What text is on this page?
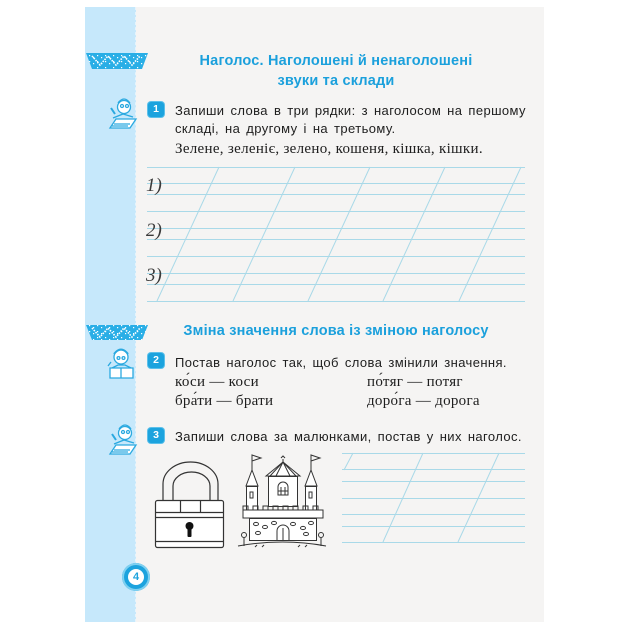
Наголос. Наголошені й ненаголошені
звуки та склади
1	Запиши слова в три рядки: з наголосом на першому
складі, на другому і на третьому.
Зелене, зеленіє, зелено, кошеня, кішка, кішки.
1)
2)
3)
Зміна значення слова із зміною наголосу
2	Постав наголос так, щоб слова змінили значення.
ко́си — коси	по́тяг — потяг
бра́ти — брати	доро́га — дорога
3	Запиши слова за малюнками, постав у них наголос.
4
